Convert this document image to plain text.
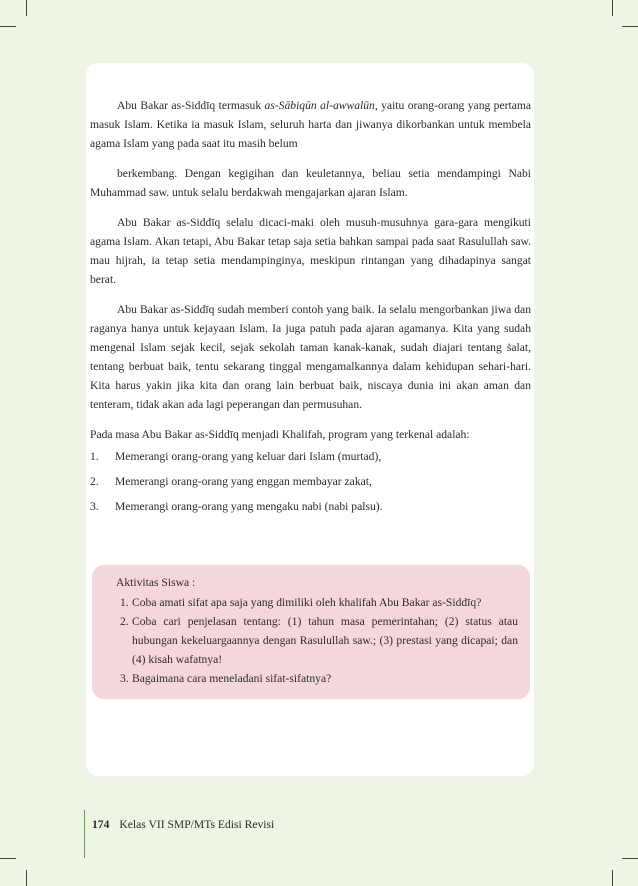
Abu Bakar as-Siddīq termasuk as-Sābiqūn al-awwalūn, yaitu orang-orang yang pertama masuk Islam. Ketika ia masuk Islam, seluruh harta dan jiwanya dikorbankan untuk membela agama Islam yang pada saat itu masih belum

berkembang. Dengan kegigihan dan keuletannya, beliau setia mendampingi Nabi Muhammad saw. untuk selalu berdakwah mengajarkan ajaran Islam.

Abu Bakar as-Siddīq selalu dicaci-maki oleh musuh-musuhnya gara-gara mengikuti agama Islam. Akan tetapi, Abu Bakar tetap saja setia bahkan sampai pada saat Rasulullah saw. mau hijrah, ia tetap setia mendampinginya, meskipun rintangan yang dihadapinya sangat berat.

Abu Bakar as-Siddīq sudah memberi contoh yang baik. Ia selalu mengorbankan jiwa dan raganya hanya untuk kejayaan Islam. Ia juga patuh pada ajaran agamanya. Kita yang sudah mengenal Islam sejak kecil, sejak sekolah taman kanak-kanak, sudah diajari tentang ṡalat, tentang berbuat baik, tentu sekarang tinggal mengamalkannya dalam kehidupan sehari-hari. Kita harus yakin jika kita dan orang lain berbuat baik, niscaya dunia ini akan aman dan tenteram, tidak akan ada lagi peperangan dan permusuhan.

Pada masa Abu Bakar as-Siddīq menjadi Khalifah, program yang terkenal adalah:

1.	Memerangi orang-orang yang keluar dari Islam (murtad),
2.	Memerangi orang-orang yang enggan membayar zakat,
3.	Memerangi orang-orang yang mengaku nabi (nabi palsu).
Aktivitas Siswa :
1. Coba amati sifat apa saja yang dimiliki oleh khalifah Abu Bakar as-Siddīq?
2. Coba cari penjelasan tentang: (1) tahun masa pemerintahan; (2) status atau hubungan kekeluargaannya dengan Rasulullah saw.; (3) prestasi yang dicapai; dan (4) kisah wafatnya!
3. Bagaimana cara meneladani sifat-sifatnya?
174 Kelas VII SMP/MTs Edisi Revisi
